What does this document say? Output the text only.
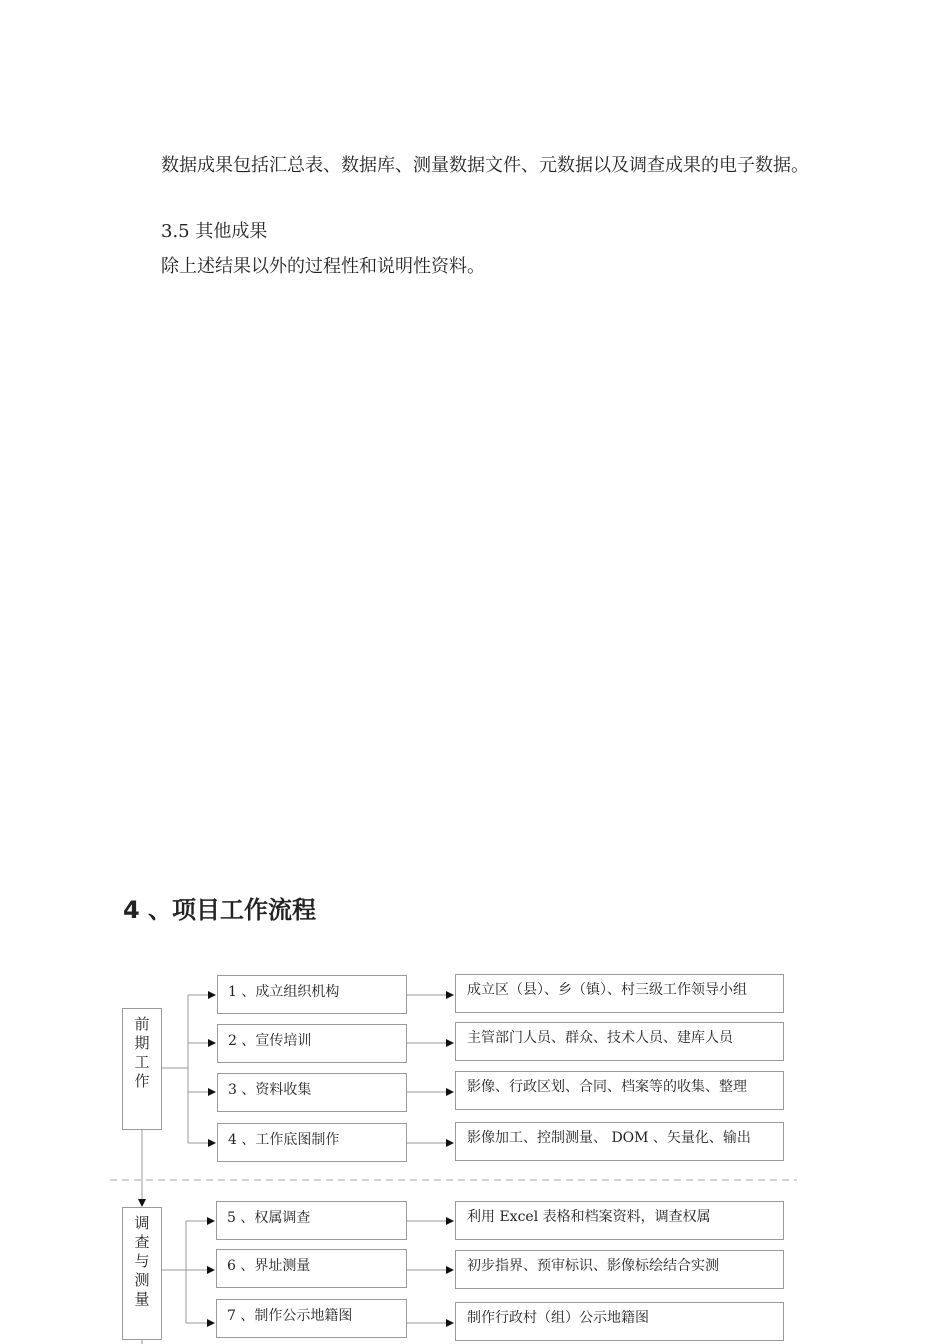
数据成果包括汇总表、数据库、测量数据文件、元数据以及调查成果的电子数据。

3.5 其他成果

除上述结果以外的过程性和说明性资料。

4 、项目工作流程
前
期
工
作
调
查
与
测
量
1 、成立组织机构
2 、宣传培训
3 、资料收集
4 、工作底图制作
5 、权属调查
6 、界址测量
7 、制作公示地籍图
成立区（县）、乡（镇）、村三级工作领导小组
主管部门人员、群众、技术人员、建库人员
影像、行政区划、合同、档案等的收集、整理
影像加工、控制测量、 DOM 、矢量化、输出
利用 Excel 表格和档案资料，调查权属
初步指界、预审标识、影像标绘结合实测
制作行政村（组）公示地籍图
